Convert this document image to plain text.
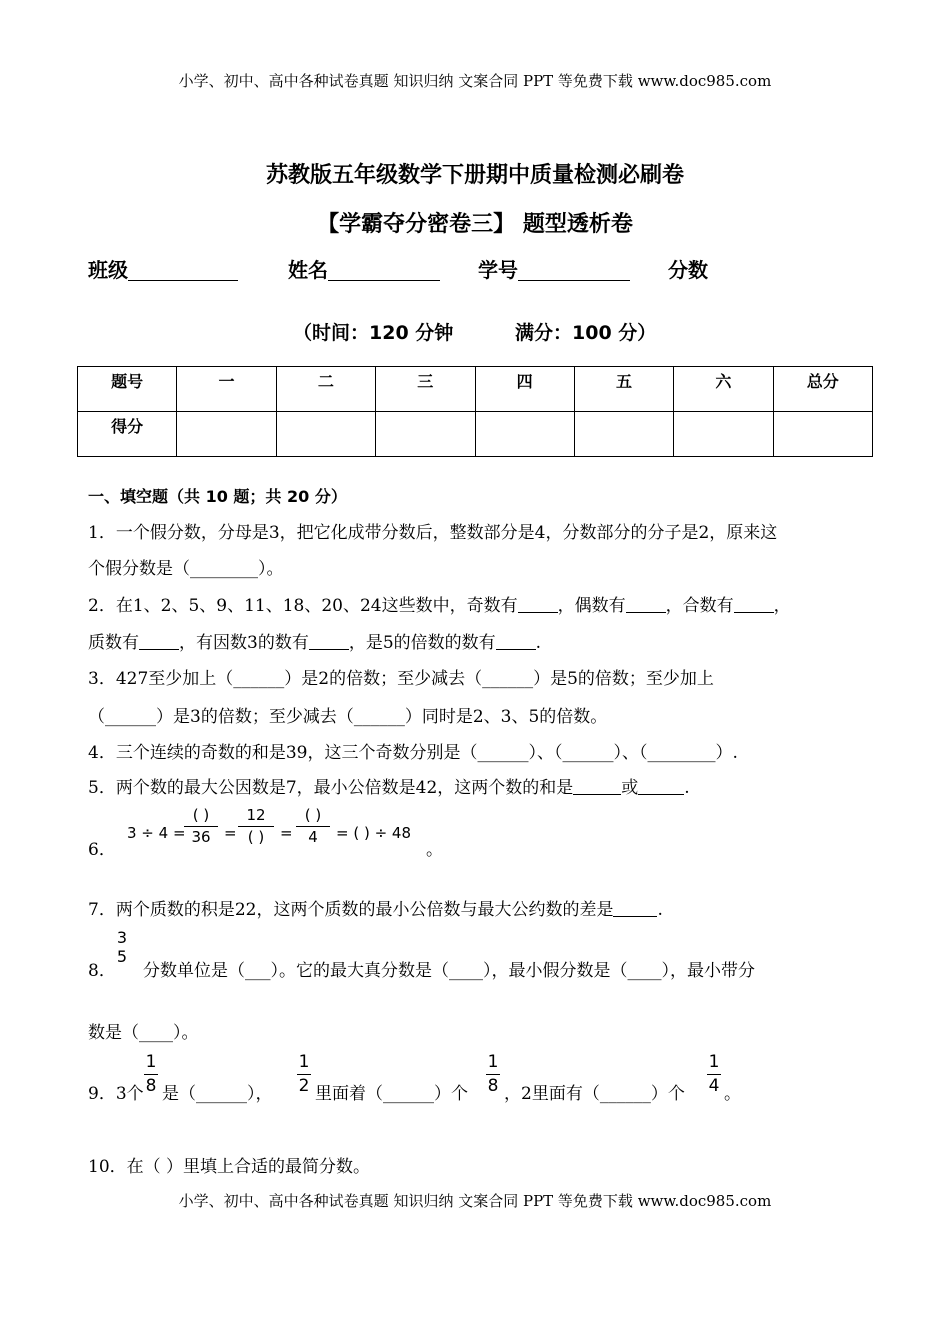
小学、初中、高中各种试卷真题 知识归纳 文案合同 PPT 等免费下载 www.doc985.com
苏教版五年级数学下册期中质量检测必刷卷
【学霸夺分密卷三】 题型透析卷
班级	姓名	学号	分数
（时间：120 分钟	满分：100 分）
题号	一	二	三	四	五	六	总分
得分							
一、填空题（共 10 题；共 20 分）
1．一个假分数，分母是3，把它化成带分数后，整数部分是4，分数部分的分子是2，原来这
个假分数是（________）。
2．在1、2、5、9、11、18、20、24这些数中，奇数有 ，偶数有 ，合数有 ，
质数有 ，有因数3的数有 ，是5的倍数的数有 .
3．427至少加上（______）是2的倍数；至少减去（______）是5的倍数；至少加上
（______）是3的倍数；至少减去（______）同时是2、3、5的倍数。
4．三个连续的奇数的和是39，这三个奇数分别是（______）、（______）、（________）.
5．两个数的最大公因数是7，最小公倍数是42，这两个数的和是	或	.
6．
3 ÷ 4 =
( )
36 =
12
( )	=
( )
4	= ( ) ÷ 48
。
7．两个质数的积是22，这两个质数的最小公倍数与最大公约数的差是	.
3
5
8． 分数单位是（___）。它的最大真分数是（____），最小假分数是（____），最小带分
数是（____）。
9．3个
1
8 是（______），
1
2 里面着（______）个
1
8 ，2里面有（______）个
1
4 。
10．在（ ）里填上合适的最简分数。
小学、初中、高中各种试卷真题 知识归纳 文案合同 PPT 等免费下载 www.doc985.com
